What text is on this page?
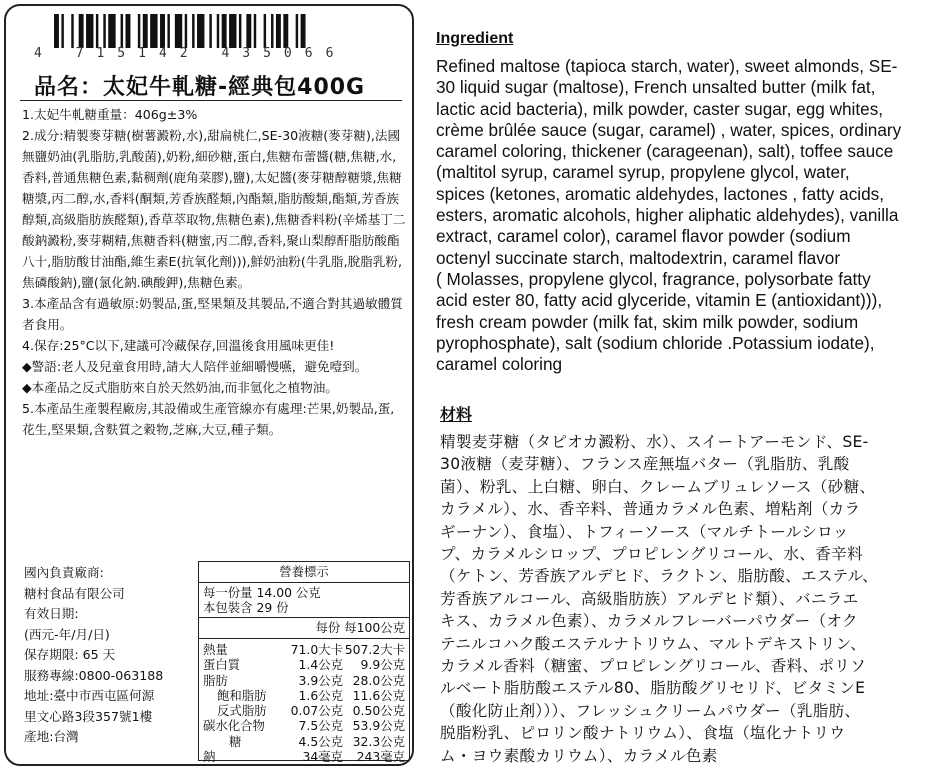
4 715142 435066
品名：太妃牛軋糖-經典包400G

1.太妃牛軋糖重量：406g±3%

2.成分:精製麥芽糖(樹薯澱粉,水),甜扁桃仁,SE-30液糖(麥芽糖),法國無鹽奶油(乳脂肪,乳酸菌),奶粉,細砂糖,蛋白,焦糖布蕾醬(糖,焦糖,水,香料,普通焦糖色素,黏稠劑(鹿角菜膠),鹽),太妃醬(麥芽糖醇糖漿,焦糖糖漿,丙二醇,水,香料(酮類,芳香族醛類,內酯類,脂肪酸類,酯類,芳香族醇類,高級脂肪族醛類),香草萃取物,焦糖色素),焦糖香料粉(辛烯基丁二酸鈉澱粉,麥芽糊精,焦糖香料(糖蜜,丙二醇,香料,聚山梨醇酐脂肪酸酯八十,脂肪酸甘油酯,維生素E(抗氧化劑))),鮮奶油粉(牛乳脂,脫脂乳粉,焦磷酸鈉),鹽(氯化鈉.碘酸鉀),焦糖色素。

3.本產品含有過敏原:奶製品,蛋,堅果類及其製品,不適合對其過敏體質者食用。

4.保存:25°C以下,建議可冷藏保存,回溫後食用風味更佳!

◆警語:老人及兒童食用時,請大人陪伴並細嚼慢嚥，避免噎到。

◆本產品之反式脂肪來自於天然奶油,而非氫化之植物油。

5.本產品生產製程廠房,其設備或生產管線亦有處理:芒果,奶製品,蛋,花生,堅果類,含麩質之穀物,芝麻,大豆,種子類。

國內負責廠商:

糖村食品有限公司

有效日期:

(西元-年/月/日)

保存期限: 65 天

服務專線:0800-063188

地址:臺中市西屯區何源

里文心路3段357號1樓

產地:台灣

營養標示
每一份量 14.00 公克
本包裝含 29 份
每份 每100公克
熱量	71.0大卡 507.2大卡
蛋白質	1.4公克	9.9公克
脂肪	3.9公克 28.0公克
飽和脂肪	1.6公克 11.6公克
反式脂肪	0.07公克 0.50公克
碳水化合物	7.5公克 53.9公克
糖	4.5公克 32.3公克
鈉	34毫克	243毫克
Ingredient

Refined maltose (tapioca starch, water), sweet almonds, SE-

30 liquid sugar (maltose), French unsalted butter (milk fat,

lactic acid bacteria), milk powder, caster sugar, egg whites,

crème brûlée sauce (sugar, caramel) , water, spices, ordinary

caramel coloring, thickener (carageenan), salt), toffee sauce

(maltitol syrup, caramel syrup, propylene glycol, water,

spices (ketones, aromatic aldehydes, lactones , fatty acids,

esters, aromatic alcohols, higher aliphatic aldehydes), vanilla

extract, caramel color), caramel flavor powder (sodium

octenyl succinate starch, maltodextrin, caramel flavor

( Molasses, propylene glycol, fragrance, polysorbate fatty

acid ester 80, fatty acid glyceride, vitamin E (antioxidant))),

fresh cream powder (milk fat, skim milk powder, sodium

pyrophosphate), salt (sodium chloride .Potassium iodate),

caramel coloring

材料

精製麦芽糖（タピオカ澱粉、水）、スイートアーモンド、SE-

30液糖（麦芽糖）、フランス産無塩バター（乳脂肪、乳酸

菌）、粉乳、上白糖、卵白、クレームブリュレソース（砂糖、

カラメル）、水、香辛料、普通カラメル色素、増粘剤（カラ

ギーナン）、食塩）、トフィーソース（マルチトールシロッ

プ、カラメルシロップ、プロピレングリコール、水、香辛料

（ケトン、芳香族アルデヒド、ラクトン、脂肪酸、エステル、

芳香族アルコール、高級脂肪族）アルデヒド類）、バニラエ

キス、カラメル色素）、カラメルフレーバーパウダー（オク

テニルコハク酸エステルナトリウム、マルトデキストリン、

カラメル香料（糖蜜、プロピレングリコール、香料、ポリソ

ルベート脂肪酸エステル80、脂肪酸グリセリド、ビタミンE

（酸化防止剤）））、フレッシュクリームパウダー（乳脂肪、

脱脂粉乳、ピロリン酸ナトリウム）、食塩（塩化ナトリウ

ム・ヨウ素酸カリウム）、カラメル色素
